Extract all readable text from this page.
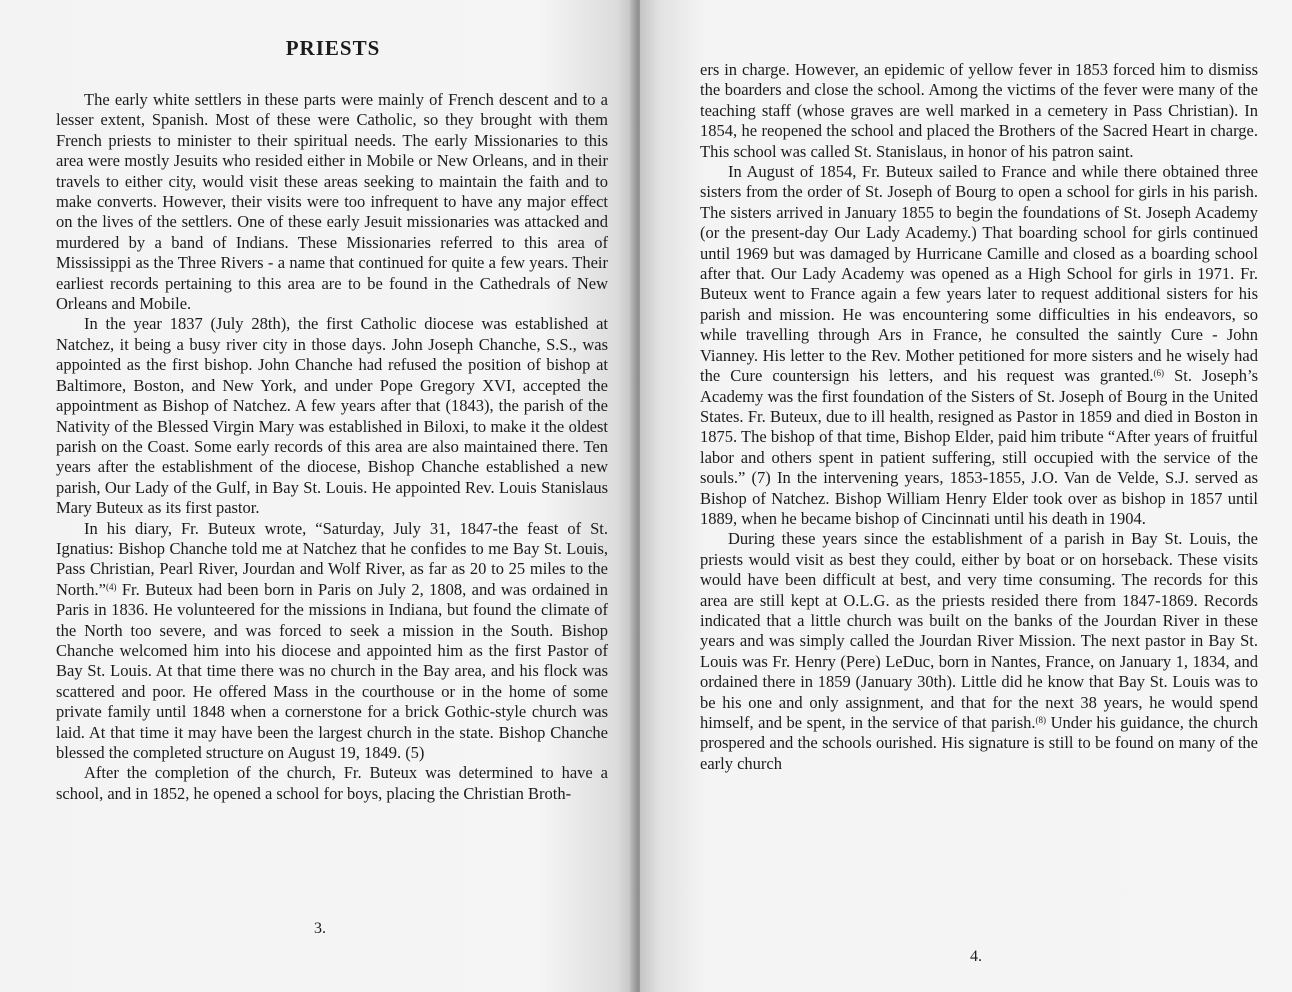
PRIESTS

The early white settlers in these parts were mainly of French descent and to a lesser extent, Spanish. Most of these were Catholic, so they brought with them French priests to minister to their spiritual needs. The early Missionaries to this area were mostly Jesuits who resided either in Mobile or New Orleans, and in their travels to either city, would visit these areas seeking to maintain the faith and to make converts. However, their visits were too infrequent to have any major effect on the lives of the settlers. One of these early Jesuit missionaries was attacked and murdered by a band of Indians. These Missionaries referred to this area of Mississippi as the Three Rivers - a name that continued for quite a few years. Their earliest records pertaining to this area are to be found in the Cathedrals of New Orleans and Mobile.

In the year 1837 (July 28th), the first Catholic diocese was established at Natchez, it being a busy river city in those days. John Joseph Chanche, S.S., was appointed as the first bishop. John Chanche had refused the position of bishop at Baltimore, Boston, and New York, and under Pope Gregory XVI, accepted the appointment as Bishop of Natchez. A few years after that (1843), the parish of the Nativity of the Blessed Virgin Mary was established in Biloxi, to make it the oldest parish on the Coast. Some early records of this area are also maintained there. Ten years after the establishment of the diocese, Bishop Chanche established a new parish, Our Lady of the Gulf, in Bay St. Louis. He appointed Rev. Louis Stanislaus Mary Buteux as its first pastor.

In his diary, Fr. Buteux wrote, “Saturday, July 31, 1847-the feast of St. Ignatius: Bishop Chanche told me at Natchez that he confides to me Bay St. Louis, Pass Christian, Pearl River, Jourdan and Wolf River, as far as 20 to 25 miles to the North.”$^{(4)}$ Fr. Buteux had been born in Paris on July 2, 1808, and was ordained in Paris in 1836. He volunteered for the missions in Indiana, but found the climate of the North too severe, and was forced to seek a mission in the South. Bishop Chanche welcomed him into his diocese and appointed him as the first Pastor of Bay St. Louis. At that time there was no church in the Bay area, and his flock was scattered and poor. He offered Mass in the courthouse or in the home of some private family until 1848 when a cornerstone for a brick Gothic-style church was laid. At that time it may have been the largest church in the state. Bishop Chanche blessed the completed structure on August 19, 1849. (5)

After the completion of the church, Fr. Buteux was determined to have a school, and in 1852, he opened a school for boys, placing the Christian Broth-

3.

ers in charge. However, an epidemic of yellow fever in 1853 forced him to dismiss the boarders and close the school. Among the victims of the fever were many of the teaching staff (whose graves are well marked in a cemetery in Pass Christian). In 1854, he reopened the school and placed the Brothers of the Sacred Heart in charge. This school was called St. Stanislaus, in honor of his patron saint.

In August of 1854, Fr. Buteux sailed to France and while there obtained three sisters from the order of St. Joseph of Bourg to open a school for girls in his parish. The sisters arrived in January 1855 to begin the foundations of St. Joseph Academy (or the present-day Our Lady Academy.) That boarding school for girls continued until 1969 but was damaged by Hurricane Camille and closed as a boarding school after that. Our Lady Academy was opened as a High School for girls in 1971. Fr. Buteux went to France again a few years later to request additional sisters for his parish and mission. He was encountering some difficulties in his endeavors, so while travelling through Ars in France, he consulted the saintly Cure - John Vianney. His letter to the Rev. Mother petitioned for more sisters and he wisely had the Cure countersign his letters, and his request was granted.$^{(6)}$ St. Joseph’s Academy was the first foundation of the Sisters of St. Joseph of Bourg in the United States. Fr. Buteux, due to ill health, resigned as Pastor in 1859 and died in Boston in 1875. The bishop of that time, Bishop Elder, paid him tribute “After years of fruitful labor and others spent in patient suffering, still occupied with the service of the souls.” (7) In the intervening years, 1853-1855, J.O. Van de Velde, S.J. served as Bishop of Natchez. Bishop William Henry Elder took over as bishop in 1857 until 1889, when he became bishop of Cincinnati until his death in 1904.

During these years since the establishment of a parish in Bay St. Louis, the priests would visit as best they could, either by boat or on horseback. These visits would have been difficult at best, and very time consuming. The records for this area are still kept at O.L.G. as the priests resided there from 1847-1869. Records indicated that a little church was built on the banks of the Jourdan River in these years and was simply called the Jourdan River Mission. The next pastor in Bay St. Louis was Fr. Henry (Pere) LeDuc, born in Nantes, France, on January 1, 1834, and ordained there in 1859 (January 30th). Little did he know that Bay St. Louis was to be his one and only assignment, and that for the next 38 years, he would spend himself, and be spent, in the service of that parish.$^{(8)}$ Under his guidance, the church prospered and the schools ourished. His signature is still to be found on many of the early church

4.
